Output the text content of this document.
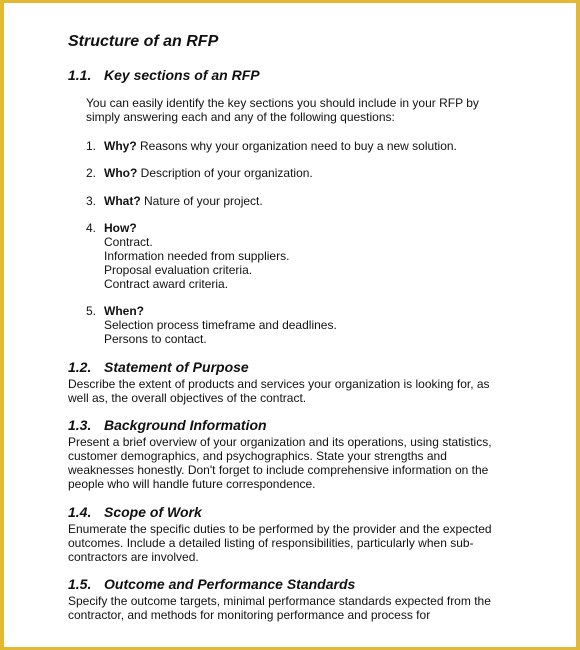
Structure of an RFP
1.1. Key sections of an RFP

You can easily identify the key sections you should include in your RFP by simply answering each and any of the following questions:

1. Why? Reasons why your organization need to buy a new solution.
2. Who? Description of your organization.
3. What? Nature of your project.
4. How?
Contract.
Information needed from suppliers.
Proposal evaluation criteria.
Contract award criteria.
5. When?
Selection process timeframe and deadlines.
Persons to contact.
1.2. Statement of Purpose

Describe the extent of products and services your organization is looking for, as well as, the overall objectives of the contract.

1.3. Background Information

Present a brief overview of your organization and its operations, using statistics, customer demographics, and psychographics. State your strengths and weaknesses honestly. Don't forget to include comprehensive information on the people who will handle future correspondence.

1.4. Scope of Work

Enumerate the specific duties to be performed by the provider and the expected outcomes. Include a detailed listing of responsibilities, particularly when sub-contractors are involved.

1.5. Outcome and Performance Standards

Specify the outcome targets, minimal performance standards expected from the contractor, and methods for monitoring performance and process for
